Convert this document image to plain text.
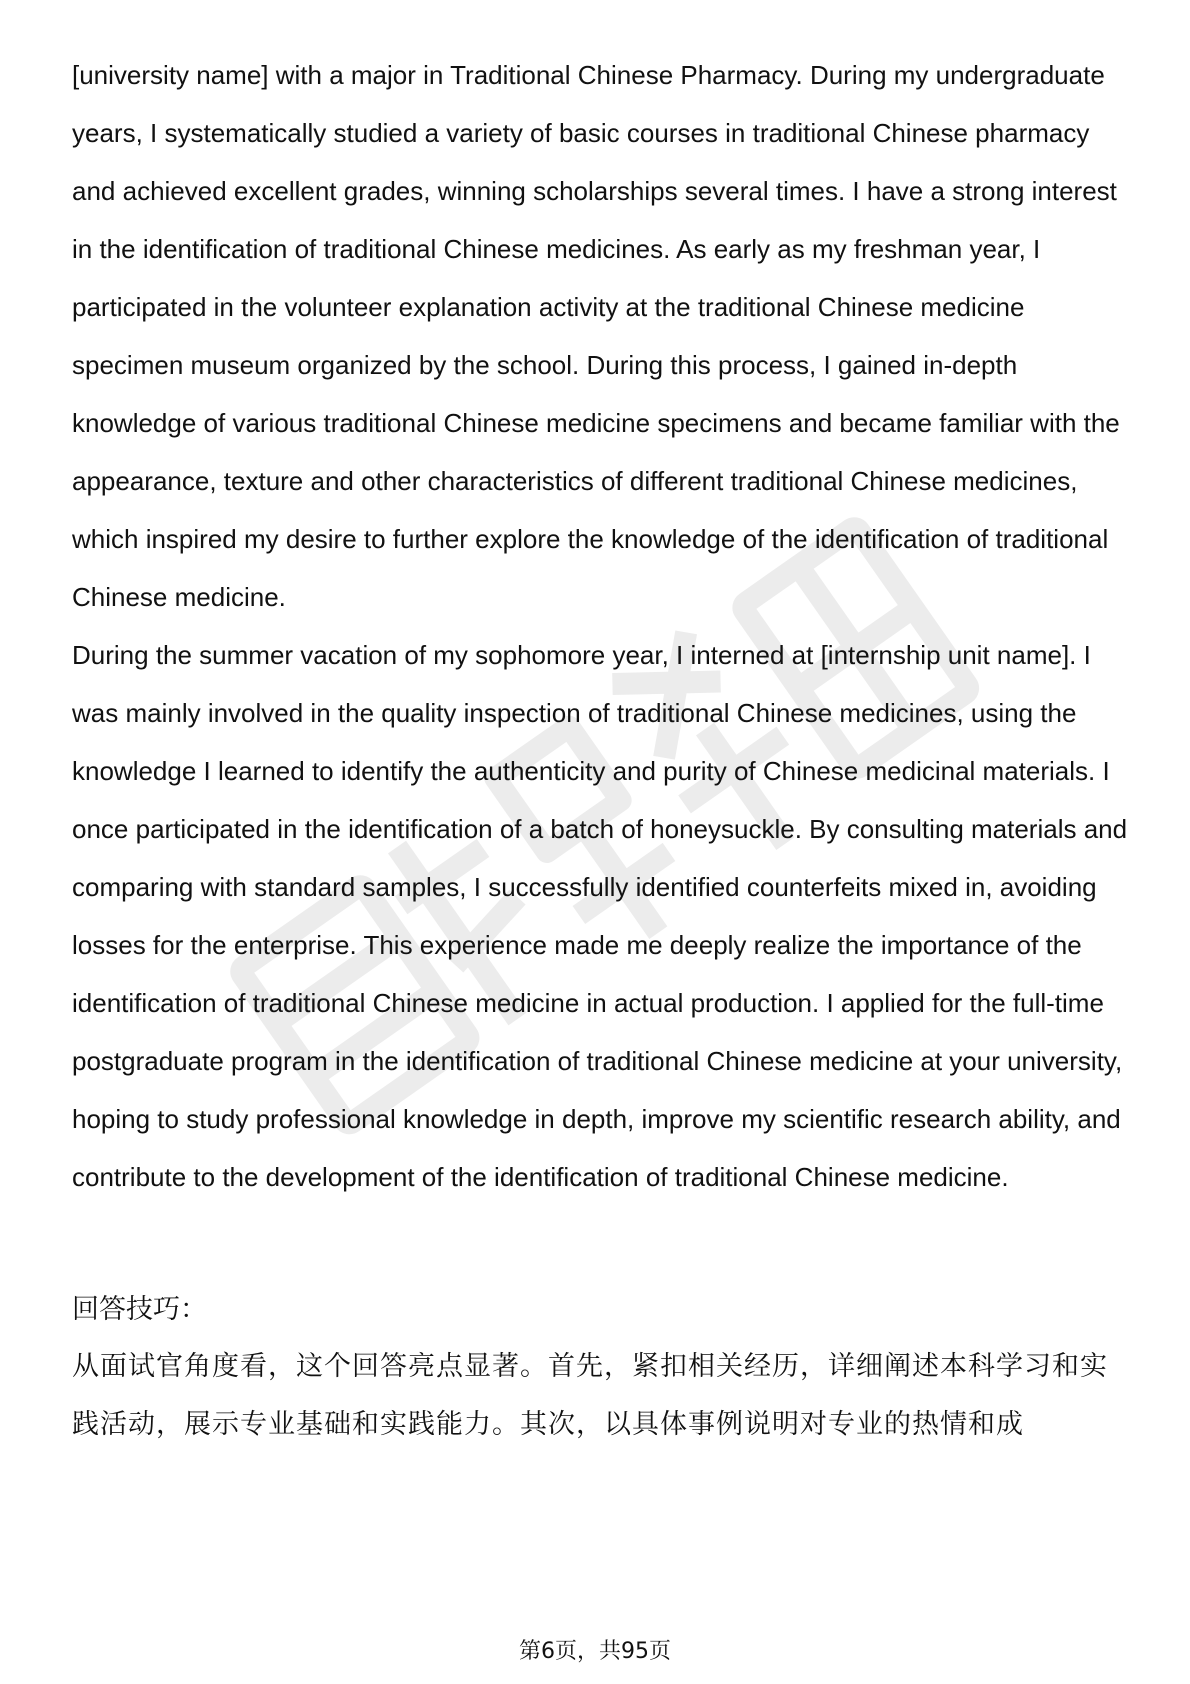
[university name] with a major in Traditional Chinese Pharmacy. During my undergraduate years, I systematically studied a variety of basic courses in traditional Chinese pharmacy and achieved excellent grades, winning scholarships several times. I have a strong interest in the identification of traditional Chinese medicines. As early as my freshman year, I participated in the volunteer explanation activity at the traditional Chinese medicine specimen museum organized by the school. During this process, I gained in-depth knowledge of various traditional Chinese medicine specimens and became familiar with the appearance, texture and other characteristics of different traditional Chinese medicines, which inspired my desire to further explore the knowledge of the identification of traditional Chinese medicine.

During the summer vacation of my sophomore year, I interned at [internship unit name]. I was mainly involved in the quality inspection of traditional Chinese medicines, using the knowledge I learned to identify the authenticity and purity of Chinese medicinal materials. I once participated in the identification of a batch of honeysuckle. By consulting materials and comparing with standard samples, I successfully identified counterfeits mixed in, avoiding losses for the enterprise. This experience made me deeply realize the importance of the identification of traditional Chinese medicine in actual production. I applied for the full-time postgraduate program in the identification of traditional Chinese medicine at your university, hoping to study professional knowledge in depth, improve my scientific research ability, and contribute to the development of the identification of traditional Chinese medicine.

回答技巧：

从面试官角度看，这个回答亮点显著。首先，紧扣相关经历，详细阐述本科学习和实践活动，展示专业基础和实践能力。其次，以具体事例说明对专业的热情和成

第6页，共95页
